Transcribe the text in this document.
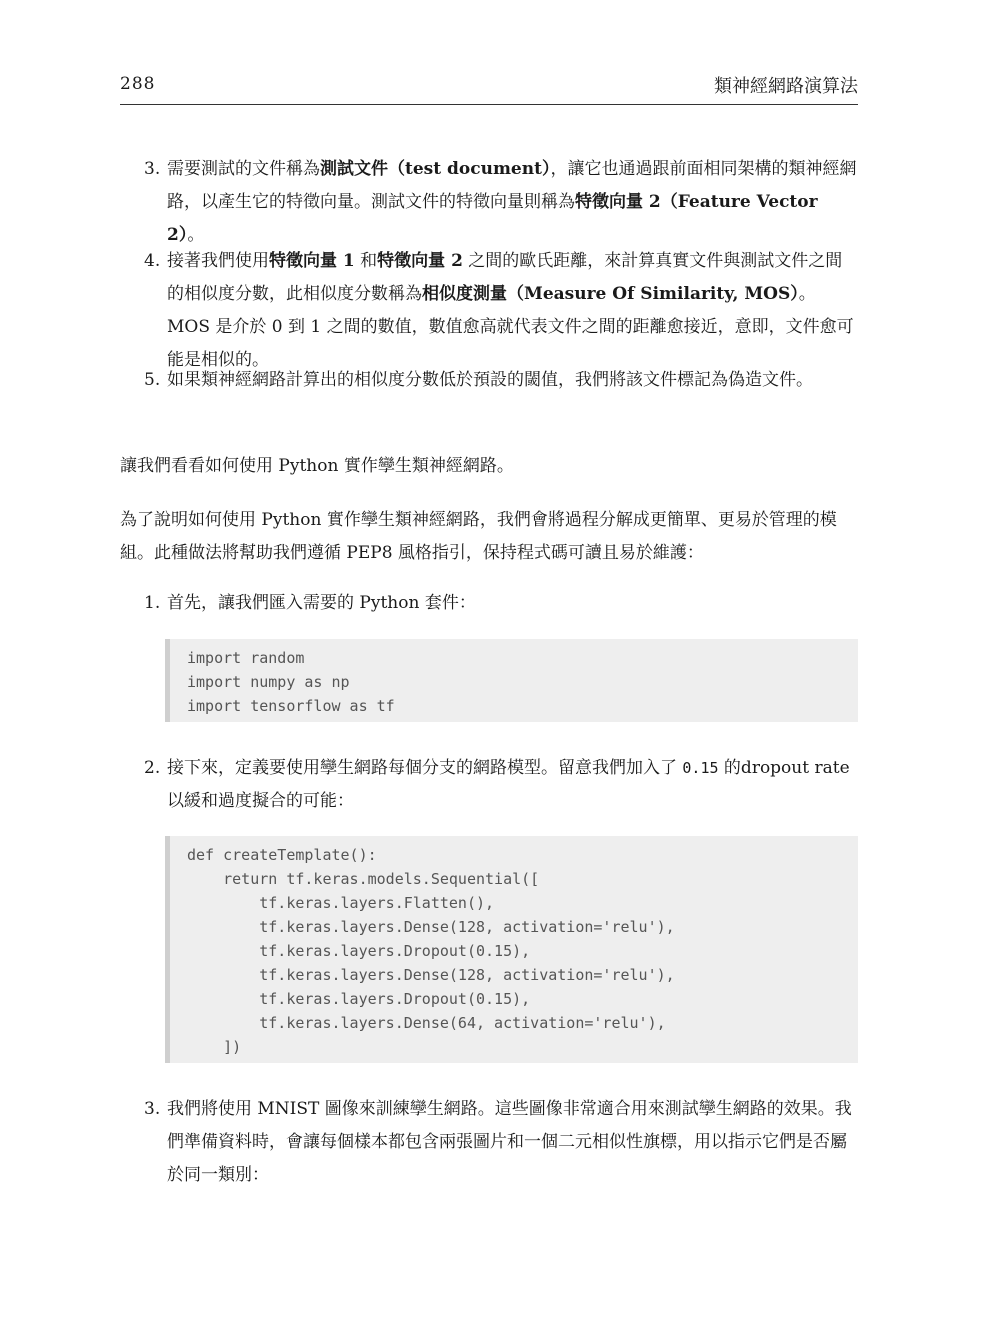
288	類神經網路演算法
3. 需要測試的文件稱為測試文件（test document），讓它也通過跟前面相同架構的類神經網路，以產生它的特徵向量。測試文件的特徵向量則稱為特徵向量 2（Feature Vector 2）。
4. 接著我們使用特徵向量 1 和特徵向量 2 之間的歐氏距離，來計算真實文件與測試文件之間的相似度分數，此相似度分數稱為相似度測量（Measure Of Similarity, MOS）。MOS 是介於 0 到 1 之間的數值，數值愈高就代表文件之間的距離愈接近，意即，文件愈可能是相似的。
5. 如果類神經網路計算出的相似度分數低於預設的閾值，我們將該文件標記為偽造文件。
讓我們看看如何使用 Python 實作孿生類神經網路。
為了說明如何使用 Python 實作孿生類神經網路，我們會將過程分解成更簡單、更易於管理的模組。此種做法將幫助我們遵循 PEP8 風格指引，保持程式碼可讀且易於維護：
1. 首先，讓我們匯入需要的 Python 套件：
import random
import numpy as np
import tensorflow as tf
2. 接下來，定義要使用孿生網路每個分支的網路模型。留意我們加入了 0.15 的dropout rate 以緩和過度擬合的可能：
def createTemplate():
return tf.keras.models.Sequential([
tf.keras.layers.Flatten(),
tf.keras.layers.Dense(128, activation='relu'),
tf.keras.layers.Dropout(0.15),
tf.keras.layers.Dense(128, activation='relu'),
tf.keras.layers.Dropout(0.15),
tf.keras.layers.Dense(64, activation='relu'),
])
3. 我們將使用 MNIST 圖像來訓練孿生網路。這些圖像非常適合用來測試孿生網路的效果。我們準備資料時，會讓每個樣本都包含兩張圖片和一個二元相似性旗標，用以指示它們是否屬於同一類別：
